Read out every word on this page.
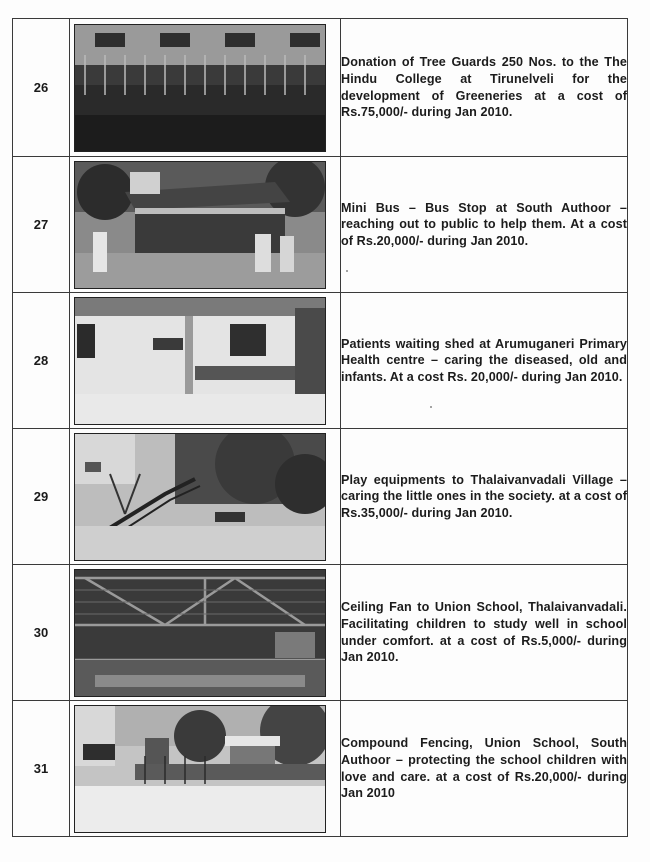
26		Donation of Tree Guards 250 Nos. to the The Hindu College at Tirunelveli for the development of Greeneries at a cost of Rs.75,000/- during Jan 2010.
27		Mini Bus – Bus Stop at South Authoor – reaching out to public to help them. At a cost of Rs.20,000/- during Jan 2010.
28		Patients waiting shed at Arumuganeri Primary Health centre – caring the diseased, old and infants. At a cost Rs. 20,000/- during Jan 2010.
29		Play equipments to Thalaivanvadali Village – caring the little ones in the society. at a cost of Rs.35,000/- during Jan 2010.
30		Ceiling Fan to Union School, Thalaivanvadali. Facilitating children to study well in school under comfort. at a cost of Rs.5,000/- during Jan 2010.
31		Compound Fencing, Union School, South Authoor – protecting the school children with love and care. at a cost of Rs.20,000/- during Jan 2010
